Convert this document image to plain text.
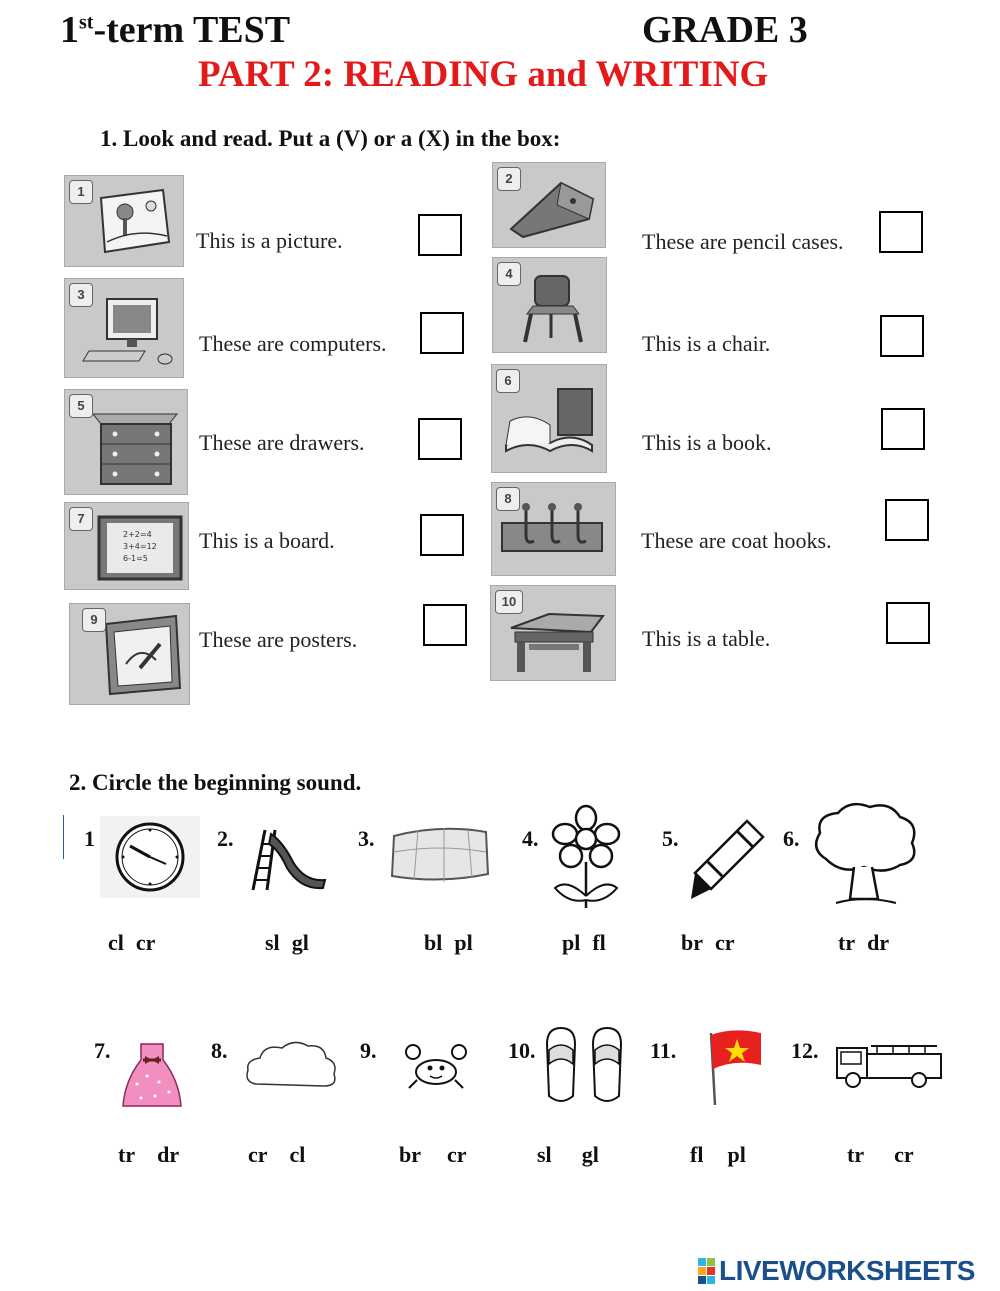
1st-term TEST	GRADE 3
PART 2: READING and WRITING
1. Look and read. Put a (V) or a (X) in the box:
1
This is a picture.
2
These are pencil cases.
3
These are computers.
4
This is a chair.
5
These are drawers.
6
This is a book.
7
2+2=4
3+4=12
6-1=5
This is a board.
8
These are coat hooks.
9
These are posters.
10
This is a table.
2. Circle the beginning sound.
1	2.	3.	4.	5.	6.
cl cr	sl gl	bl pl	pl fl	br cr	tr dr
7.	8.	9.	10.	11.	12.
tr dr	cr cl	br cr	sl gl	fl pl	tr cr
LIVEWORKSHEETS
